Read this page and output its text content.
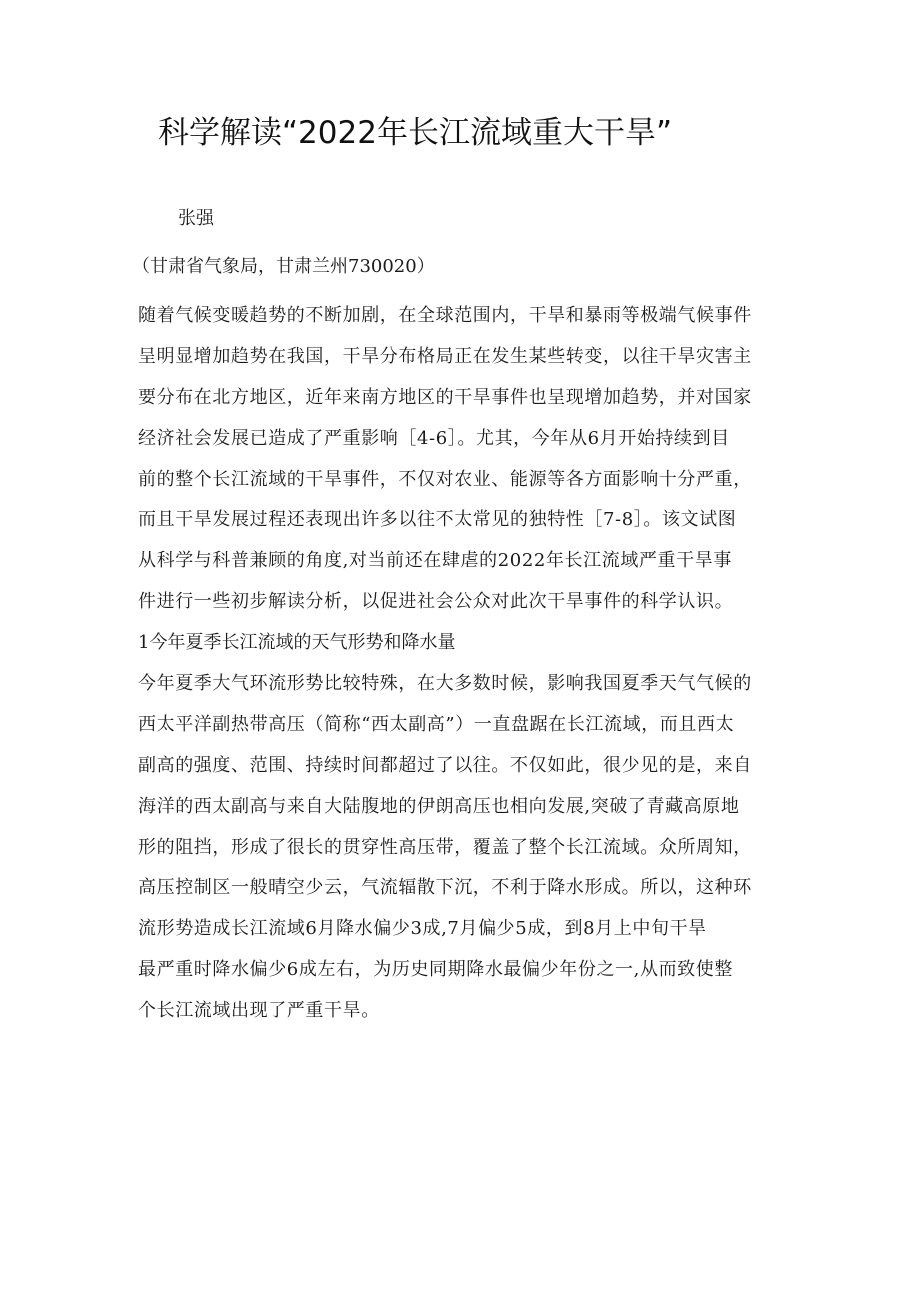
科学解读“2022年长江流域重大干旱”
张强
（甘肃省气象局，甘肃兰州730020）
随着气候变暖趋势的不断加剧，在全球范围内，干旱和暴雨等极端气候事件
呈明显增加趋势在我国，干旱分布格局正在发生某些转变，以往干旱灾害主
要分布在北方地区，近年来南方地区的干旱事件也呈现增加趋势，并对国家
经济社会发展已造成了严重影响［4-6］。尤其，今年从6月开始持续到目
前的整个长江流域的干旱事件，不仅对农业、能源等各方面影响十分严重，
而且干旱发展过程还表现出许多以往不太常见的独特性［7-8］。该文试图
从科学与科普兼顾的角度,对当前还在肆虐的2022年长江流域严重干旱事
件进行一些初步解读分析，以促进社会公众对此次干旱事件的科学认识。
1今年夏季长江流域的天气形势和降水量
今年夏季大气环流形势比较特殊，在大多数时候，影响我国夏季天气气候的
西太平洋副热带高压（简称“西太副高”）一直盘踞在长江流域，而且西太
副高的强度、范围、持续时间都超过了以往。不仅如此，很少见的是，来自
海洋的西太副高与来自大陆腹地的伊朗高压也相向发展,突破了青藏高原地
形的阻挡，形成了很长的贯穿性高压带，覆盖了整个长江流域。众所周知，
高压控制区一般晴空少云，气流辐散下沉，不利于降水形成。所以，这种环
流形势造成长江流域6月降水偏少3成,7月偏少5成，到8月上中旬干旱
最严重时降水偏少6成左右，为历史同期降水最偏少年份之一,从而致使整
个长江流域出现了严重干旱。
